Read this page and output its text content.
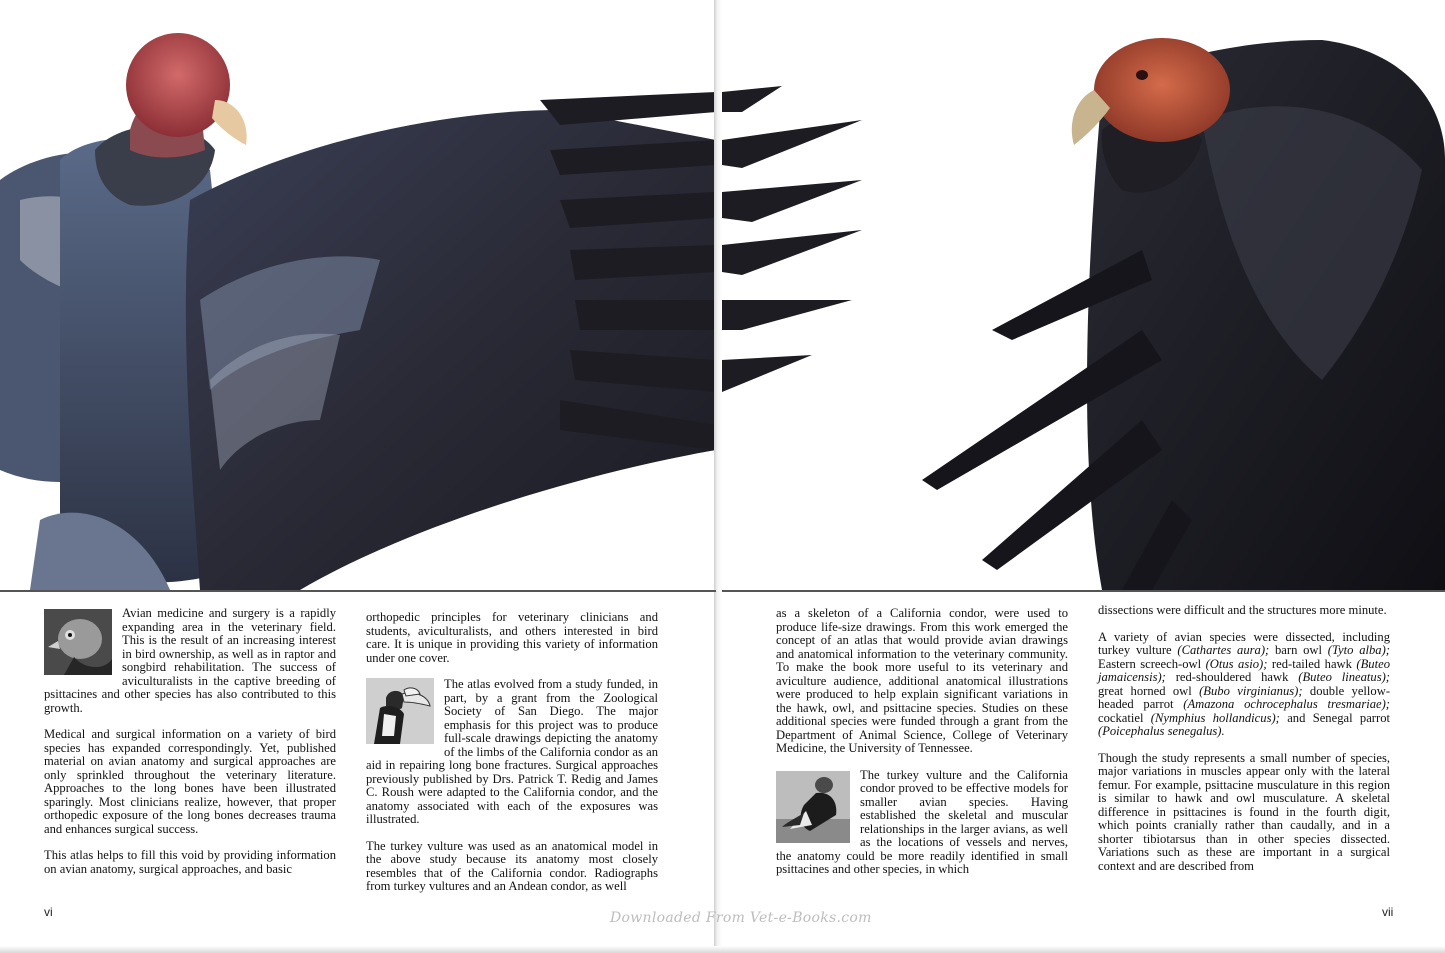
Avian medicine and surgery is a rapidly expanding area in the veterinary field. This is the result of an increasing interest in bird ownership, as well as in raptor and songbird rehabilitation. The success of aviculturalists in the captive breeding of psittacines and other species has also contributed to this growth.

Medical and surgical information on a variety of bird species has expanded correspondingly. Yet, published material on avian anatomy and surgical approaches are only sprinkled throughout the veterinary literature. Approaches to the long bones have been illustrated sparingly. Most clinicians realize, however, that proper orthopedic exposure of the long bones decreases trauma and enhances surgical success.

This atlas helps to fill this void by providing information on avian anatomy, surgical approaches, and basic

orthopedic principles for veterinary clinicians and students, aviculturalists, and others interested in bird care. It is unique in providing this variety of information under one cover.

The atlas evolved from a study funded, in part, by a grant from the Zoological Society of San Diego. The major emphasis for this project was to produce full-scale drawings depicting the anatomy of the limbs of the California condor as an aid in repairing long bone fractures. Surgical approaches previously published by Drs. Patrick T. Redig and James C. Roush were adapted to the California condor, and the anatomy associated with each of the exposures was illustrated.

The turkey vulture was used as an anatomical model in the above study because its anatomy most closely resembles that of the California condor. Radiographs from turkey vultures and an Andean condor, as well

as a skeleton of a California condor, were used to produce life-size drawings. From this work emerged the concept of an atlas that would provide avian drawings and anatomical information to the veterinary community. To make the book more useful to its veterinary and aviculture audience, additional anatomical illustrations were produced to help explain significant variations in the hawk, owl, and psittacine species. Studies on these additional species were funded through a grant from the Department of Animal Science, College of Veterinary Medicine, the University of Tennessee.

The turkey vulture and the California condor proved to be effective models for smaller avian species. Having established the skeletal and muscular relationships in the larger avians, as well as the locations of vessels and nerves, the anatomy could be more readily identified in small psittacines and other species, in which

dissections were difficult and the structures more minute.

A variety of avian species were dissected, including turkey vulture (Cathartes aura); barn owl (Tyto alba); Eastern screech-owl (Otus asio); red-tailed hawk (Buteo jamaicensis); red-shouldered hawk (Buteo lineatus); great horned owl (Bubo virginianus); double yellow-headed parrot (Amazona ochrocephalus tresmariae); cockatiel (Nymphius hollandicus); and Senegal parrot (Poicephalus senegalus).

Though the study represents a small number of species, major variations in muscles appear only with the lateral femur. For example, psittacine musculature in this region is similar to hawk and owl musculature. A skeletal difference in psittacines is found in the fourth digit, which points cranially rather than caudally, and in a shorter tibiotarsus than in other species dissected. Variations such as these are important in a surgical context and are described from

vi	vii
Downloaded From Vet-e-Books.com
